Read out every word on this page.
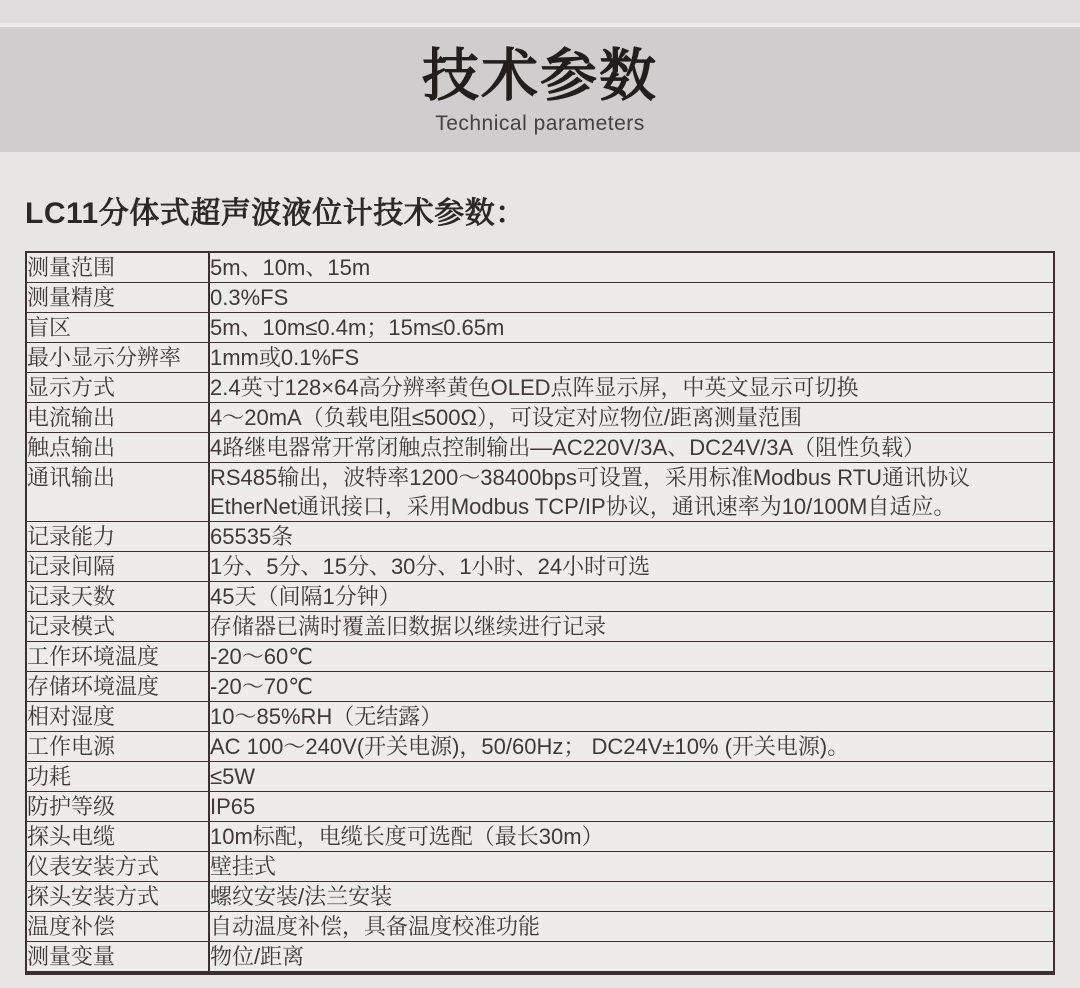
技术参数
Technical parameters
LC11分体式超声波液位计技术参数：
测量范围	5m、10m、15m
测量精度	0.3%FS
盲区	5m、10m≤0.4m；15m≤0.65m
最小显示分辨率	1mm或0.1%FS
显示方式	2.4英寸128×64高分辨率黄色OLED点阵显示屏，中英文显示可切换
电流输出	4～20mA（负载电阻≤500Ω），可设定对应物位/距离测量范围
触点输出	4路继电器常开常闭触点控制输出—AC220V/3A、DC24V/3A（阻性负载）
通讯输出	RS485输出，波特率1200～38400bps可设置，采用标准Modbus RTU通讯协议
EtherNet通讯接口，采用Modbus TCP/IP协议，通讯速率为10/100M自适应。

记录能力	65535条
记录间隔	1分、5分、15分、30分、1小时、24小时可选
记录天数	45天（间隔1分钟）
记录模式	存储器已满时覆盖旧数据以继续进行记录
工作环境温度	-20～60℃
存储环境温度	-20～70℃
相对湿度	10～85%RH（无结露）
工作电源	AC 100～240V(开关电源)，50/60Hz； DC24V±10% (开关电源)。
功耗	≤5W
防护等级	IP65
探头电缆	10m标配，电缆长度可选配（最长30m）
仪表安装方式	壁挂式
探头安装方式	螺纹安装/法兰安装
温度补偿	自动温度补偿，具备温度校准功能
测量变量	物位/距离
